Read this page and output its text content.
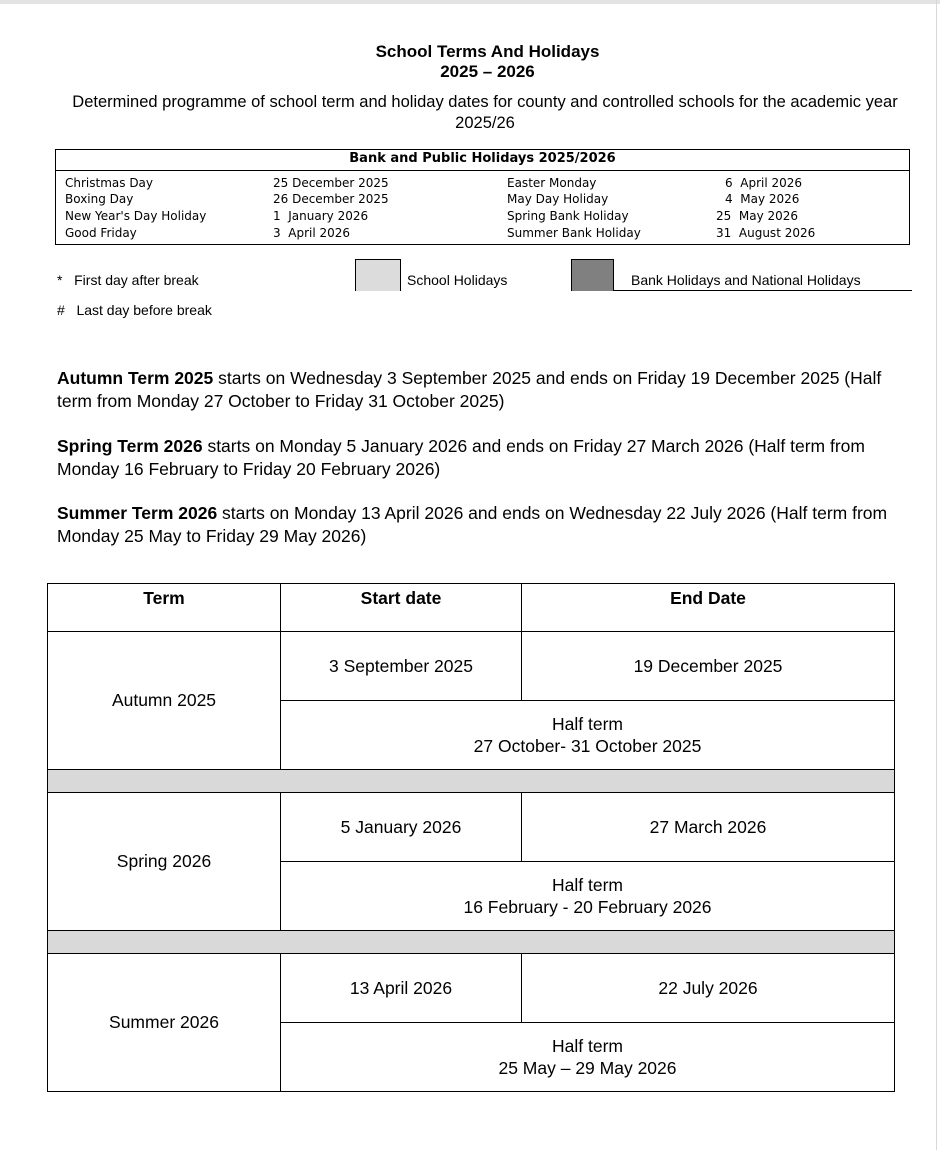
School Terms And Holidays
2025 – 2026
Determined programme of school term and holiday dates for county and controlled schools for the academic year 2025/26
Bank and Public Holidays 2025/2026
Christmas Day	25 December 2025
Boxing Day	26 December 2025
New Year's Day Holiday	1  January 2026
Good Friday	3  April 2026
Easter Monday	6  April 2026
May Day Holiday	4  May 2026
Spring Bank Holiday	25  May 2026
Summer Bank Holiday	31  August 2026
*   First day after break
#   Last day before break
School Holidays	Bank Holidays and National Holidays
Autumn Term 2025 starts on Wednesday 3 September 2025 and ends on Friday 19 December 2025 (Half term from Monday 27 October to Friday 31 October 2025)
Spring Term 2026 starts on Monday 5 January 2026 and ends on Friday 27 March 2026 (Half term from Monday 16 February to Friday 20 February 2026)
Summer Term 2026 starts on Monday 13 April 2026 and ends on Wednesday 22 July 2026 (Half term from Monday 25 May to Friday 29 May 2026)
Term	Start date	End Date
Autumn 2025	3 September 2025	19 December 2025

	Half term
27 October- 31 October 2025	

Spring 2026	5 January 2026	27 March 2026

	Half term
16 February - 20 February 2026	

Summer 2026	13 April 2026	22 July 2026

	Half term
25 May – 29 May 2026	
